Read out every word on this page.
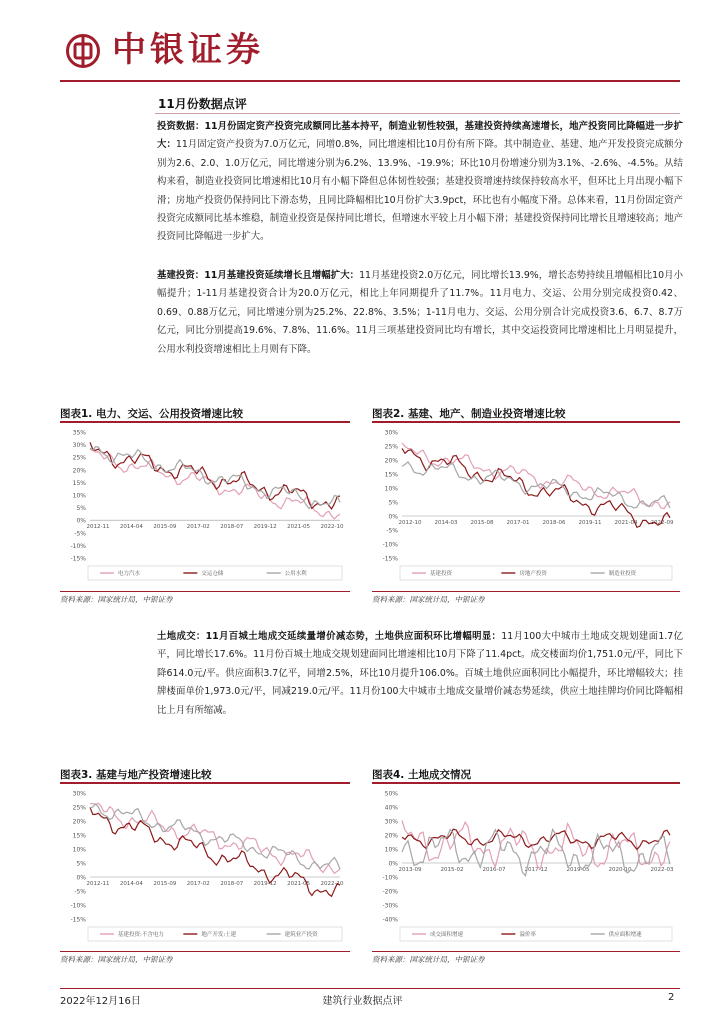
中银证券
11月份数据点评
投资数据：11月份固定资产投资完成额同比基本持平，制造业韧性较强，基建投资持续高速增长，地产投资同比降幅进一步扩大：11月固定资产投资为7.0万亿元，同增0.8%，同比增速相比10月份有所下降。其中制造业、基建、地产开发投资完成额分别为2.6、2.0、1.0万亿元，同比增速分别为6.2%、13.9%、-19.9%；环比10月份增速分别为3.1%、-2.6%、-4.5%。从结构来看，制造业投资同比增速相比10月有小幅下降但总体韧性较强；基建投资增速持续保持较高水平，但环比上月出现小幅下滑；房地产投资仍保持同比下滑态势，且同比降幅相比10月份扩大3.9pct，环比也有小幅度下滑。总体来看，11月份固定资产投资完成额同比基本维稳，制造业投资是保持同比增长，但增速水平较上月小幅下滑；基建投资保持同比增长且增速较高；地产投资同比降幅进一步扩大。
基建投资：11月基建投资延续增长且增幅扩大：11月基建投资2.0万亿元，同比增长13.9%，增长态势持续且增幅相比10月小幅提升；1-11月基建投资合计为20.0万亿元，相比上年同期提升了11.7%。11月电力、交运、公用分别完成投资0.42、0.69、0.88万亿元，同比增速分别为25.2%、22.8%、3.5%；1-11月电力、交运、公用分别合计完成投资3.6、6.7、8.7万亿元，同比分别提高19.6%、7.8%、11.6%。11月三项基建投资同比均有增长，其中交运投资同比增速相比上月明显提升，公用水利投资增速相比上月则有下降。
图表1. 电力、交运、公用投资增速比较
35%
30%
25%
20%
15%
10%
5%
0%
-5%
-10%
-15%
2012-11 2014-04 2015-09 2017-02 2018-07 2019-12 2021-05 2022-10
电力汽水	交运仓储	公用水利
资料来源：国家统计局，中银证券
图表2. 基建、地产、制造业投资增速比较
30%
25%
20%
15%
10%
5%
0%
-5%
-10%
-15%
2012-10 2014-03 2015-08 2017-01 2018-06 2019-11 2021-04 2022-09
基建投资	房地产投资	制造业投资
资料来源：国家统计局，中银证券
土地成交：11月百城土地成交延续量增价减态势，土地供应面积环比增幅明显：11月100大中城市土地成交规划建面1.7亿平，同比增长17.6%。11月份百城土地成交规划建面同比增速相比10月下降了11.4pct。成交楼面均价1,751.0元/平，同比下降614.0元/平。供应面积3.7亿平，同增2.5%，环比10月提升106.0%。百城土地供应面积同比小幅提升，环比增幅较大；挂牌楼面单价1,973.0元/平，同减219.0元/平。11月份100大中城市土地成交量增价减态势延续，供应土地挂牌均价同比降幅相比上月有所缩减。
图表3. 基建与地产投资增速比较
30%
25%
20%
15%
10%
5%
0%
-5%
-10%
-15%
2012-11 2014-04 2015-09 2017-02 2018-07 2019-12 2021-05 2022-10
基建投资:不含电力	地产开发:土建	建筑业产投资
资料来源：国家统计局，中银证券
图表4. 土地成交情况
50%
40%
30%
20%
10%
0%
-10%
-20%
-30%
-40%
2013-09	2015-02	2016-07	2017-12	2019-05	2020-10	2022-03
成交面积增速	溢价率	供应面积增速
资料来源：国家统计局，中银证券
2022年12月16日	建筑行业数据点评	2
